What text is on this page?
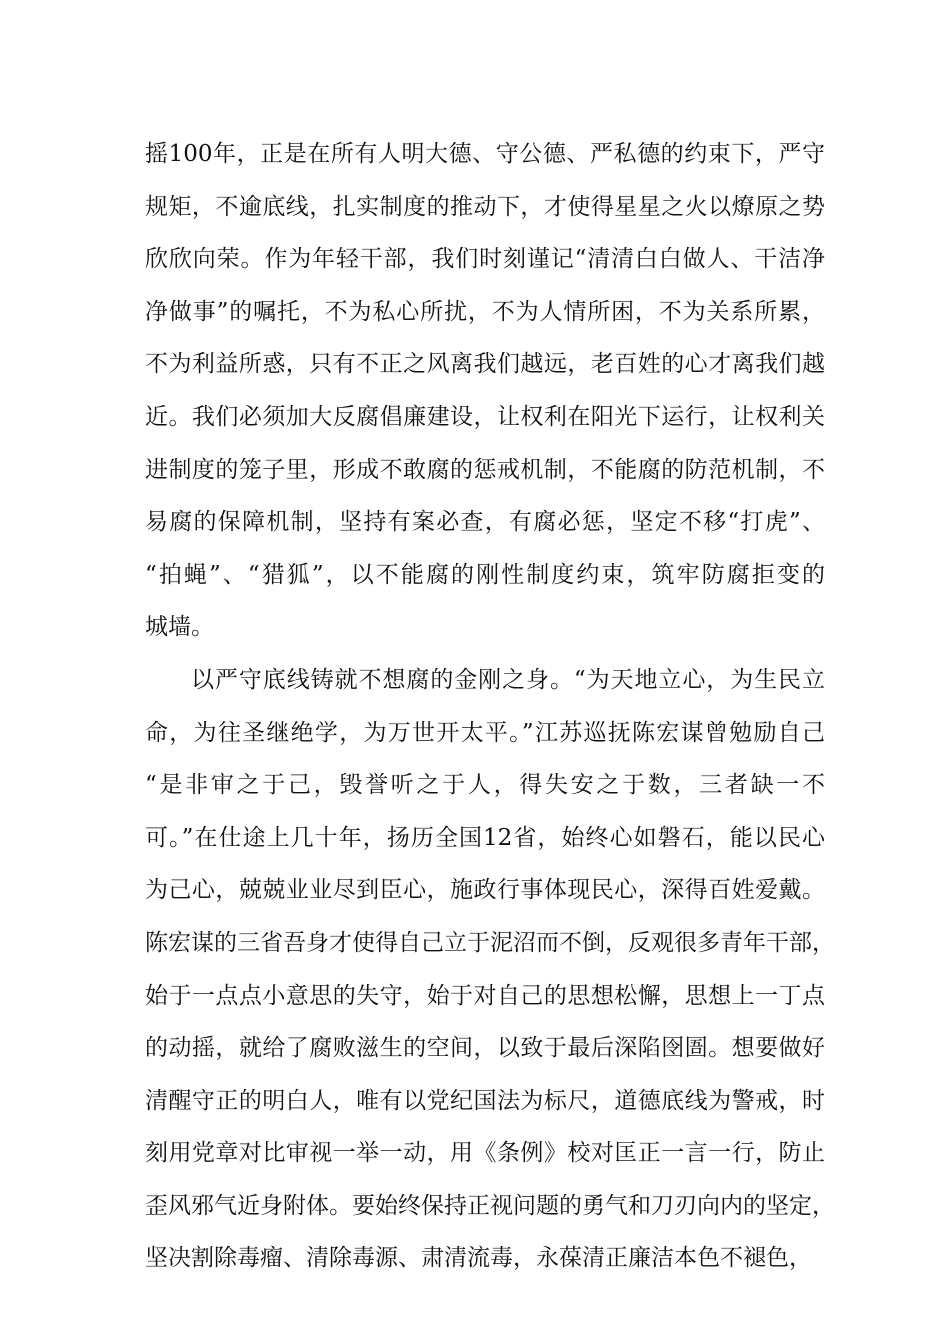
摇100年，正是在所有人明大德、守公德、严私德的约束下，严守
规矩，不逾底线，扎实制度的推动下，才使得星星之火以燎原之势
欣欣向荣。作为年轻干部，我们时刻谨记“清清白白做人、干洁净
净做事”的嘱托，不为私心所扰，不为人情所困，不为关系所累，
不为利益所惑，只有不正之风离我们越远，老百姓的心才离我们越
近。我们必须加大反腐倡廉建设，让权利在阳光下运行，让权利关
进制度的笼子里，形成不敢腐的惩戒机制，不能腐的防范机制，不
易腐的保障机制，坚持有案必查，有腐必惩，坚定不移“打虎”、
“拍蝇”、“猎狐”，以不能腐的刚性制度约束，筑牢防腐拒变的
城墙。
以严守底线铸就不想腐的金刚之身。“为天地立心，为生民立
命，为往圣继绝学，为万世开太平。”江苏巡抚陈宏谋曾勉励自己
“是非审之于己，毁誉听之于人，得失安之于数，三者缺一不
可。”在仕途上几十年，扬历全国12省，始终心如磐石，能以民心
为己心，兢兢业业尽到臣心，施政行事体现民心，深得百姓爱戴。
陈宏谋的三省吾身才使得自己立于泥沼而不倒，反观很多青年干部，
始于一点点小意思的失守，始于对自己的思想松懈，思想上一丁点
的动摇，就给了腐败滋生的空间，以致于最后深陷囹圄。想要做好
清醒守正的明白人，唯有以党纪国法为标尺，道德底线为警戒，时
刻用党章对比审视一举一动，用《条例》校对匡正一言一行，防止
歪风邪气近身附体。要始终保持正视问题的勇气和刀刃向内的坚定，
坚决割除毒瘤、清除毒源、肃清流毒，永葆清正廉洁本色不褪色，
